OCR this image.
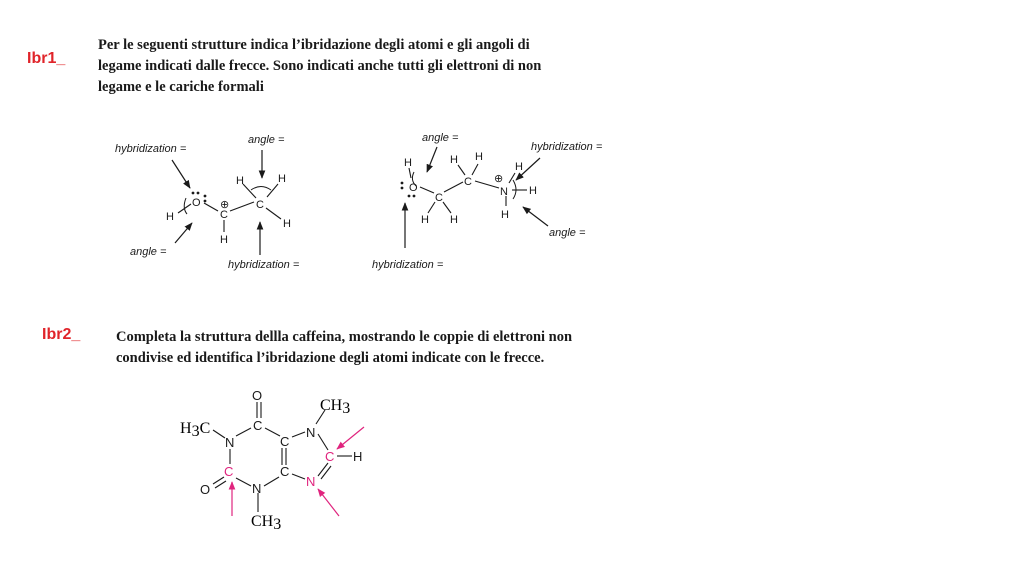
Ibr1_
Per le seguenti strutture indica l’ibridazione degli atomi e gli angoli di
legame indicati dalle frecce. Sono indicati anche tutti gli elettroni di non
legame e le cariche formali
Ibr2_ Completa la struttura dellla caffeina, mostrando le coppie di elettroni non
condivise ed identifica l’ibridazione degli atomi indicate con le frecce.
hybridization =
angle =
angle =
hybridization =
O
C
C
H
H
H	H
H
⊕
angle =
hybridization =
angle =
hybridization =
O
C
C
N
H
H H
H H
H
H
H
⊕
O
C
N	C
C	C
N
O
N
C
N
H
H3C
CH3
CH3
